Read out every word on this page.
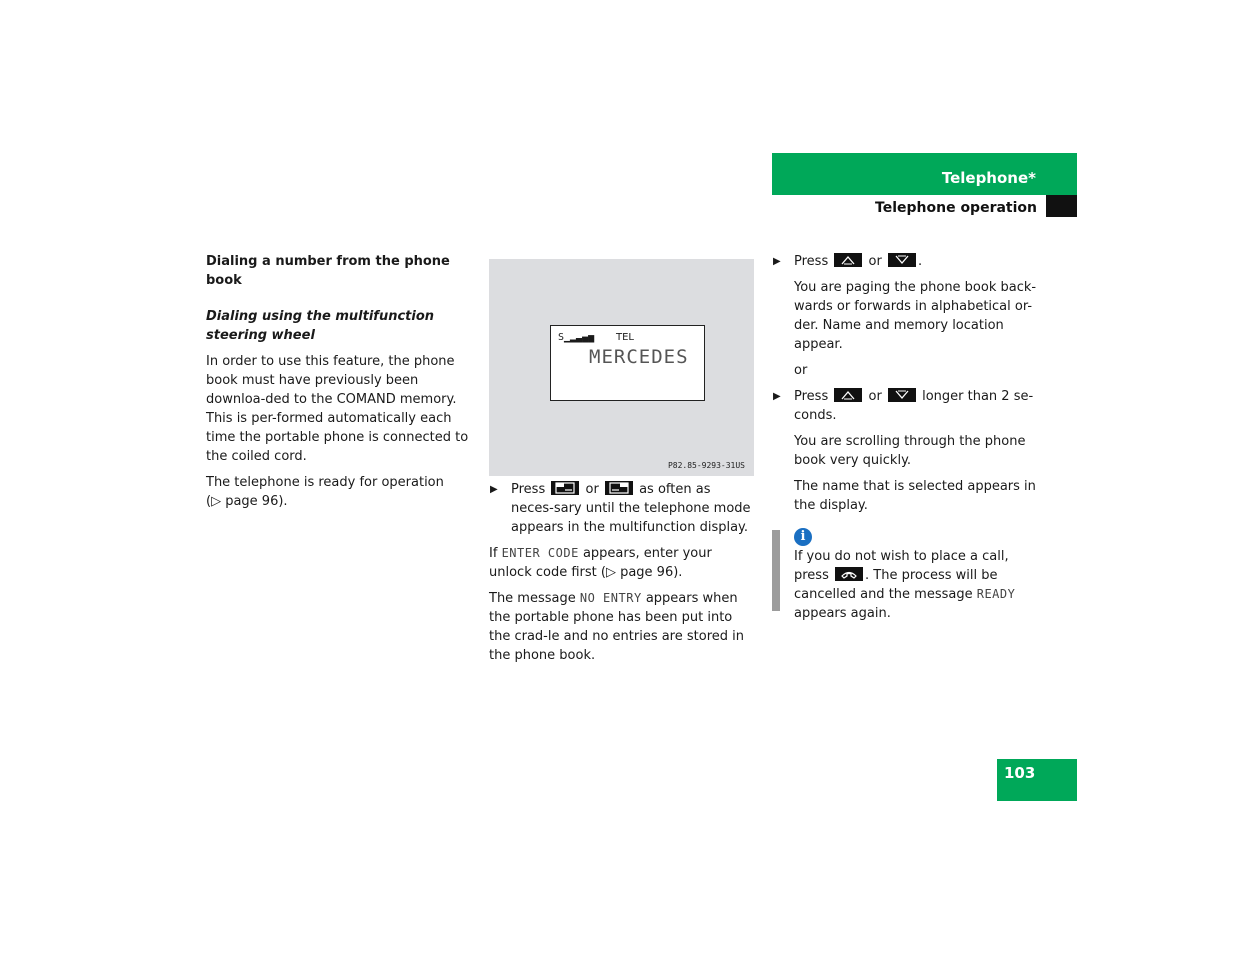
Telephone*
Telephone operation

Dialing a number from the phone book

Dialing using the multifunction steering wheel

In order to use this feature, the phone book must have previously been downloa-ded to the COMAND memory. This is per-formed automatically each time the portable phone is connected to the coiled cord.

The telephone is ready for operation
(▷ page 96).

S▁▂▃▄▅ TEL
MERCEDES
P82.85-9293-31US
▶ Press	or	as often as neces-sary until the telephone mode appears in the multifunction display.

If ENTER CODE appears, enter your unlock code first (▷ page 96).

The message NO ENTRY appears when the portable phone has been put into the crad-le and no entries are stored in the phone book.

▶ Press	or	.

You are paging the phone book back-wards or forwards in alphabetical or-der. Name and memory location appear.

or

▶ Press	or	longer than 2 se-conds.

You are scrolling through the phone book very quickly.

The name that is selected appears in the display.

i
If you do not wish to place a call, press	. The process will be cancelled and the message READY appears again.
103
